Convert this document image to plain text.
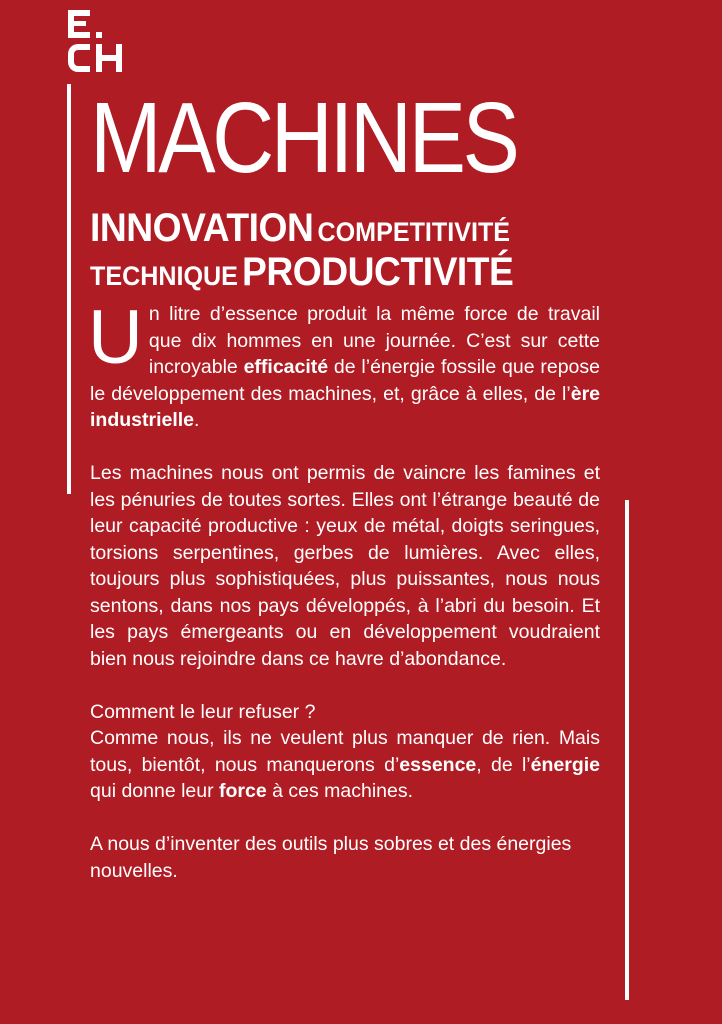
MACHINES
INNOVATION COMPETITIVITÉ
TECHNIQUE PRODUCTIVITÉ

Un litre d’essence produit la même force de travail que dix hommes en une journée. C’est sur cette incroyable efficacité de l’énergie fossile que repose le développement des machines, et, grâce à elles, de l’ère industrielle.

Les machines nous ont permis de vaincre les famines et les pénuries de toutes sortes. Elles ont l’étrange beauté de leur capacité productive : yeux de métal, doigts seringues, torsions serpentines, gerbes de lumières. Avec elles, toujours plus sophistiquées, plus puissantes, nous nous sentons, dans nos pays développés, à l’abri du besoin. Et les pays émergeants ou en développement voudraient bien nous rejoindre dans ce havre d’abondance.

Comment le leur refuser ?
Comme nous, ils ne veulent plus manquer de rien. Mais tous, bientôt, nous manquerons d’essence, de l’énergie qui donne leur force à ces machines.

A nous d’inventer des outils plus sobres et des énergies nouvelles.
